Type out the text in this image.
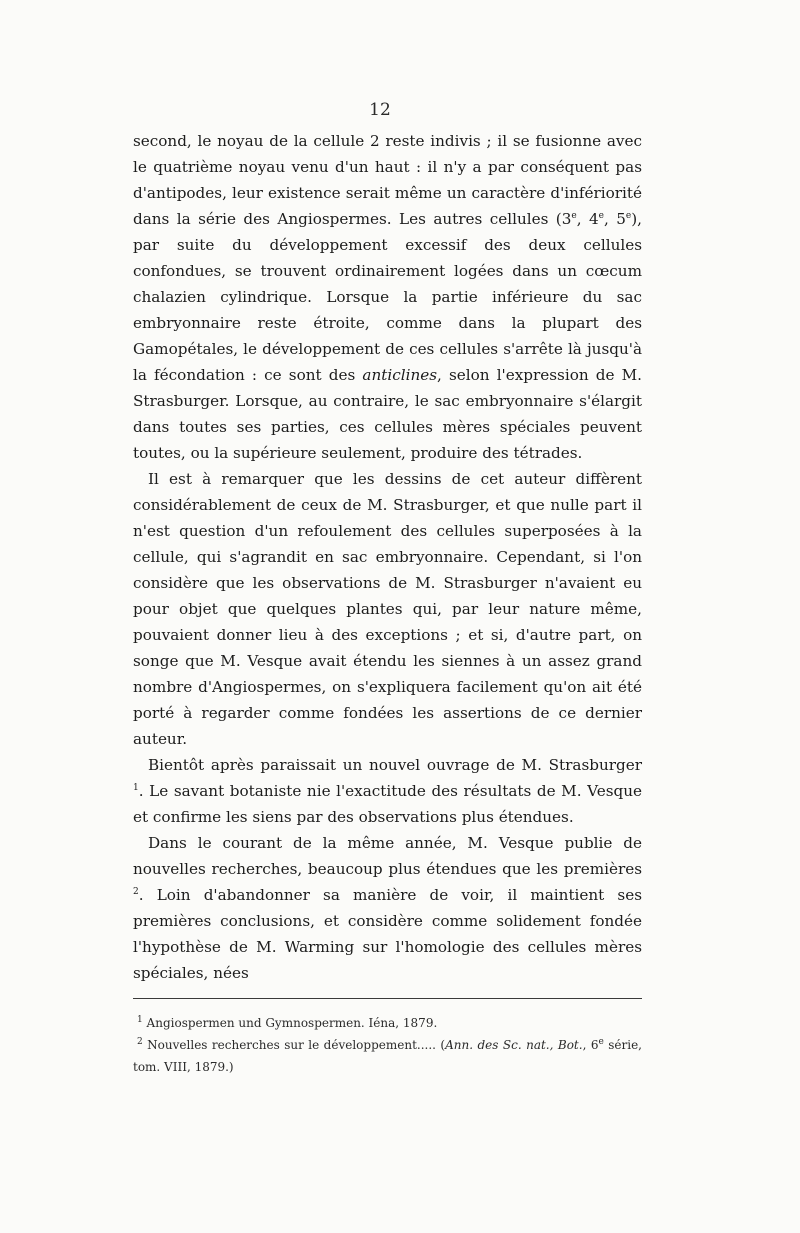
12

second, le noyau de la cellule 2 reste indivis ; il se fusionne avec le quatrième noyau venu d'un haut : il n'y a par conséquent pas d'antipodes, leur existence serait même un caractère d'infériorité dans la série des Angiospermes. Les autres cellules (3e, 4e, 5e), par suite du développement excessif des deux cellules confondues, se trouvent ordinairement logées dans un cœcum chalazien cylindrique. Lorsque la partie inférieure du sac embryonnaire reste étroite, comme dans la plupart des Gamopétales, le développement de ces cellules s'arrête là jusqu'à la fécondation : ce sont des anticlines, selon l'expression de M. Strasburger. Lorsque, au contraire, le sac embryonnaire s'élargit dans toutes ses parties, ces cellules mères spéciales peuvent toutes, ou la supérieure seulement, produire des tétrades.

Il est à remarquer que les dessins de cet auteur diffèrent considérablement de ceux de M. Strasburger, et que nulle part il n'est question d'un refoulement des cellules superposées à la cellule, qui s'agrandit en sac embryonnaire. Cependant, si l'on considère que les observations de M. Strasburger n'avaient eu pour objet que quelques plantes qui, par leur nature même, pouvaient donner lieu à des exceptions ; et si, d'autre part, on songe que M. Vesque avait étendu les siennes à un assez grand nombre d'Angiospermes, on s'expliquera facilement qu'on ait été porté à regarder comme fondées les assertions de ce dernier auteur.

Bientôt après paraissait un nouvel ouvrage de M. Strasburger $^1$. Le savant botaniste nie l'exactitude des résultats de M. Vesque et confirme les siens par des observations plus étendues.

Dans le courant de la même année, M. Vesque publie de nouvelles recherches, beaucoup plus étendues que les premières $^2$. Loin d'abandonner sa manière de voir, il maintient ses premières conclusions, et considère comme solidement fondée l'hypothèse de M. Warming sur l'homologie des cellules mères spéciales, nées

$^1$ Angiospermen und Gymnospermen. Iéna, 1879.

$^2$ Nouvelles recherches sur le développement..... (Ann. des Sc. nat., Bot., 6e série, tom. VIII, 1879.)
